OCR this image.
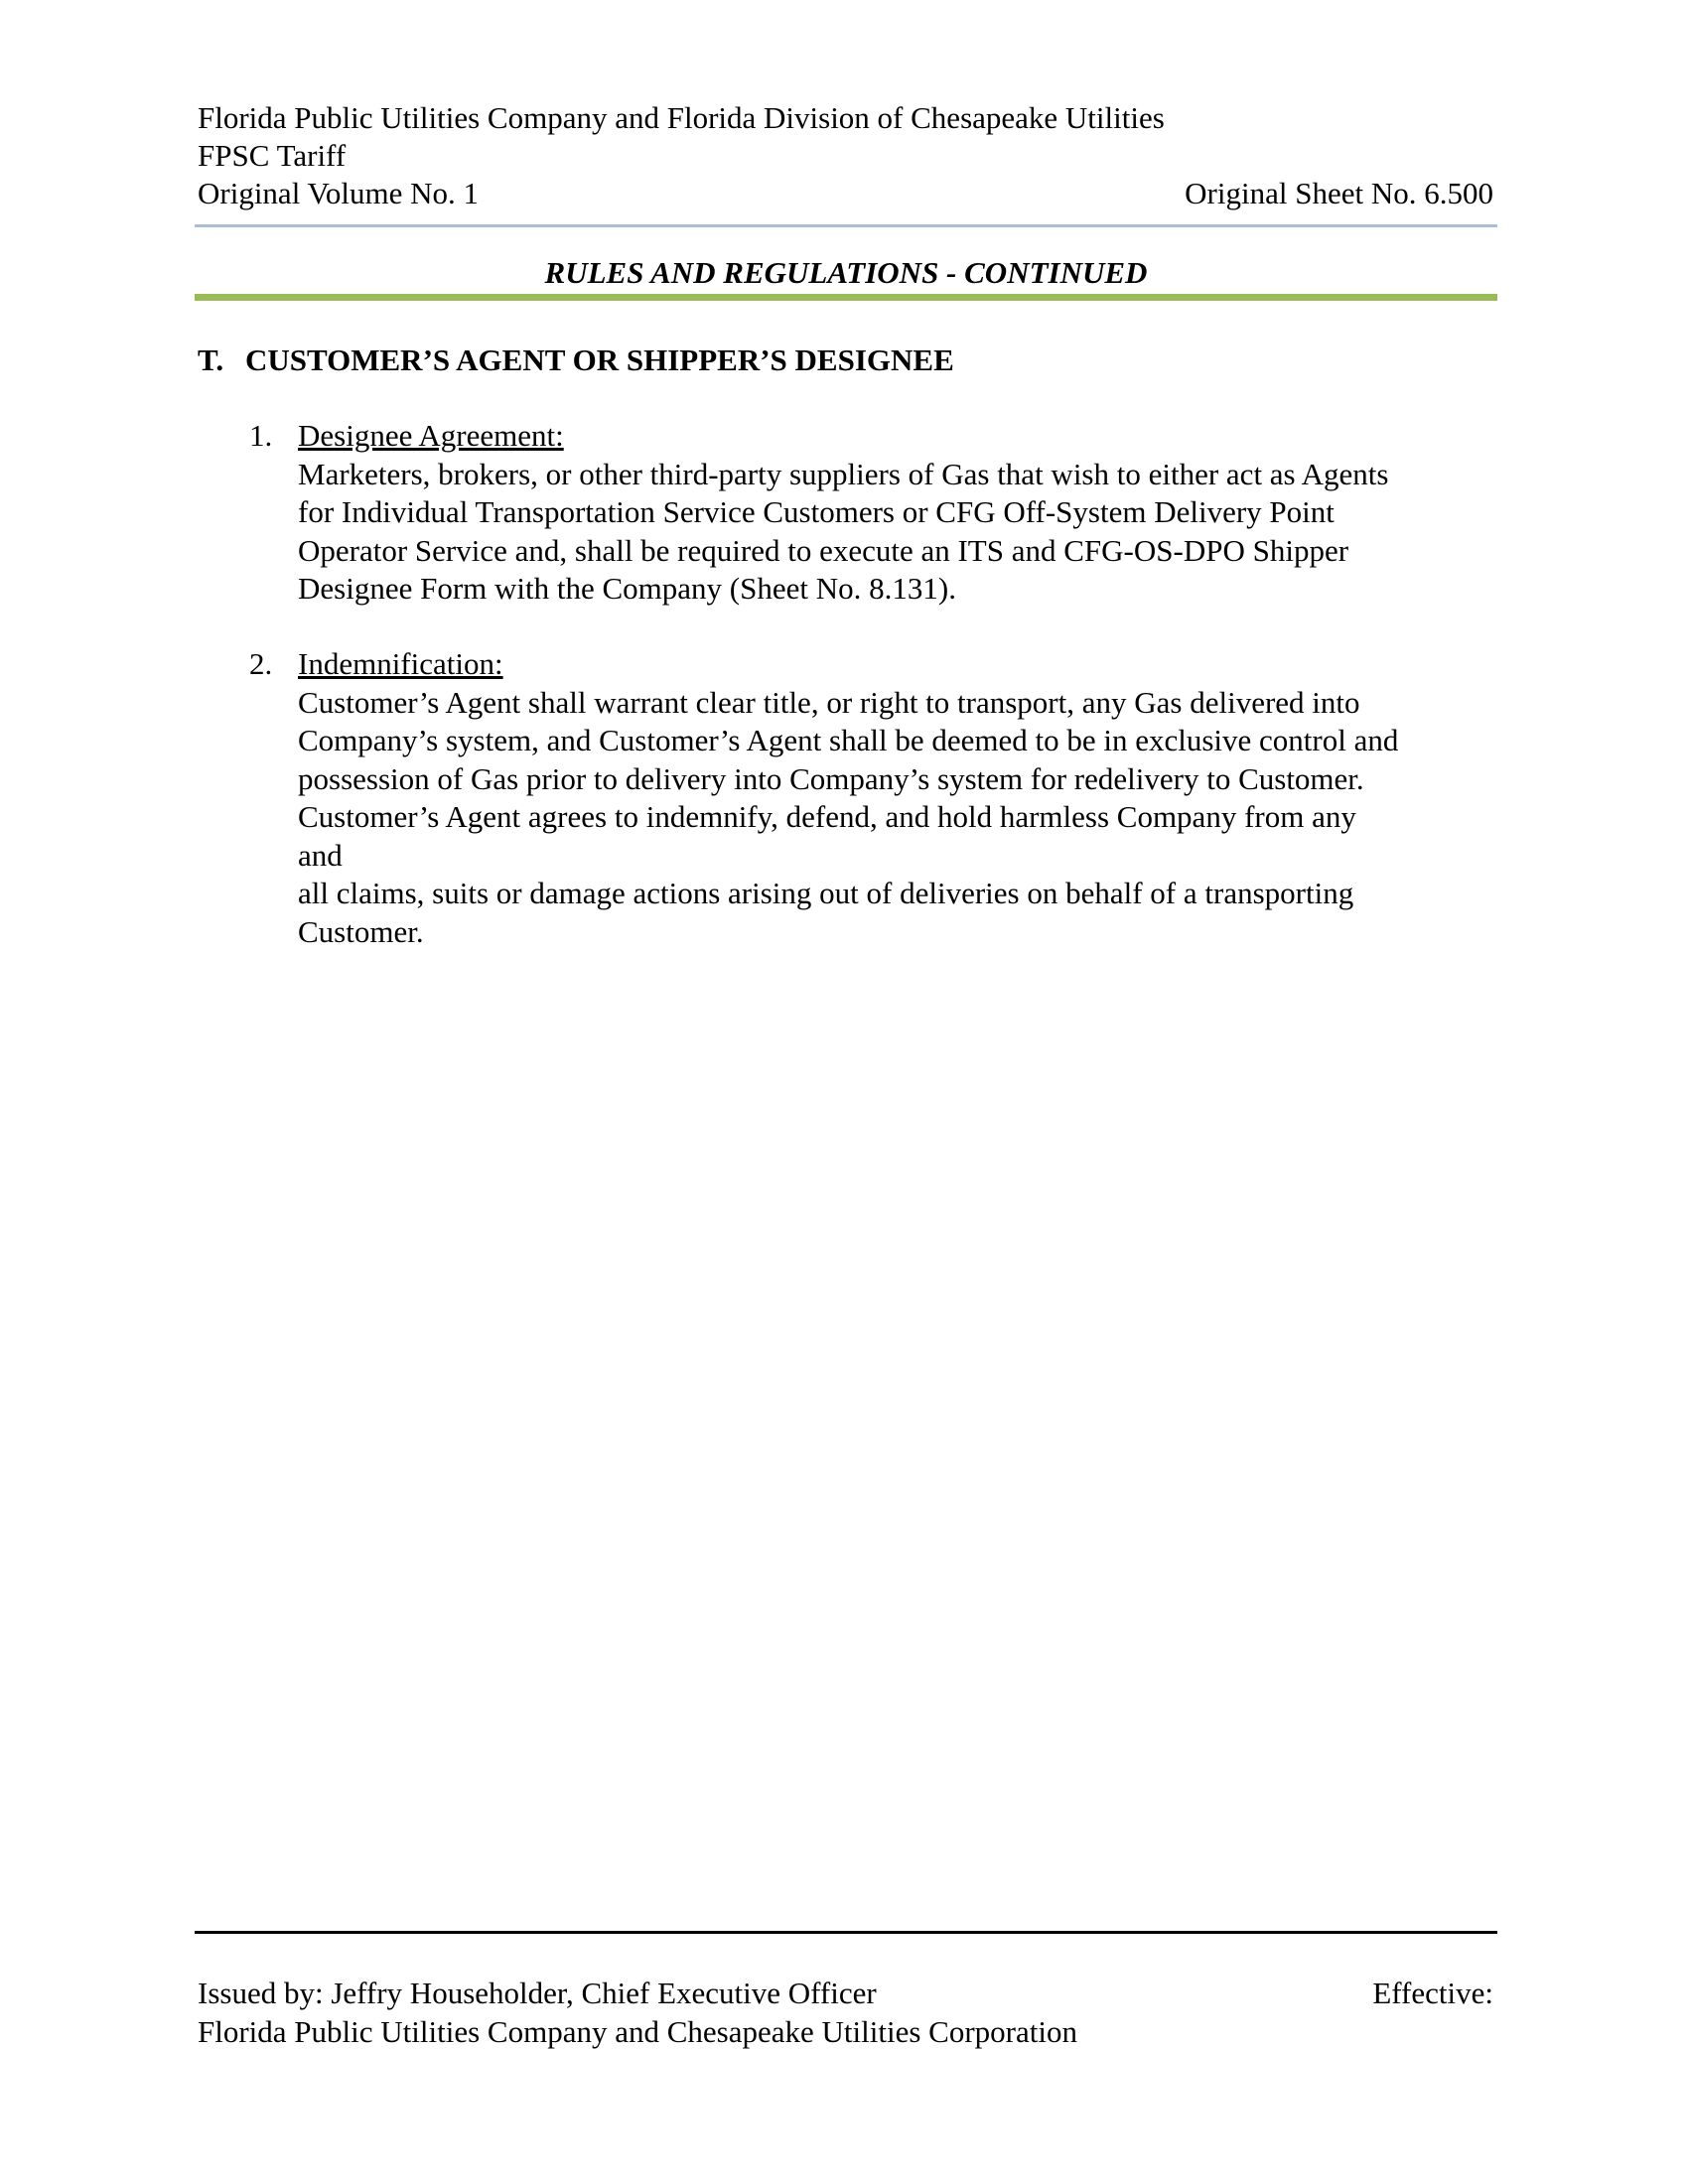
Florida Public Utilities Company and Florida Division of Chesapeake Utilities
FPSC Tariff
Original Volume No. 1	Original Sheet No. 6.500
RULES AND REGULATIONS - CONTINUED
T. CUSTOMER’S AGENT OR SHIPPER’S DESIGNEE
1. Designee Agreement:
Marketers, brokers, or other third-party suppliers of Gas that wish to either act as Agents
for Individual Transportation Service Customers or CFG Off-System Delivery Point
Operator Service and, shall be required to execute an ITS and CFG-OS-DPO Shipper
Designee Form with the Company (Sheet No. 8.131).
2. Indemnification:
Customer’s Agent shall warrant clear title, or right to transport, any Gas delivered into
Company’s system, and Customer’s Agent shall be deemed to be in exclusive control and
possession of Gas prior to delivery into Company’s system for redelivery to Customer.
Customer’s Agent agrees to indemnify, defend, and hold harmless Company from any
and
all claims, suits or damage actions arising out of deliveries on behalf of a transporting
Customer.
Issued by: Jeffry Householder, Chief Executive Officer	Effective:
Florida Public Utilities Company and Chesapeake Utilities Corporation
